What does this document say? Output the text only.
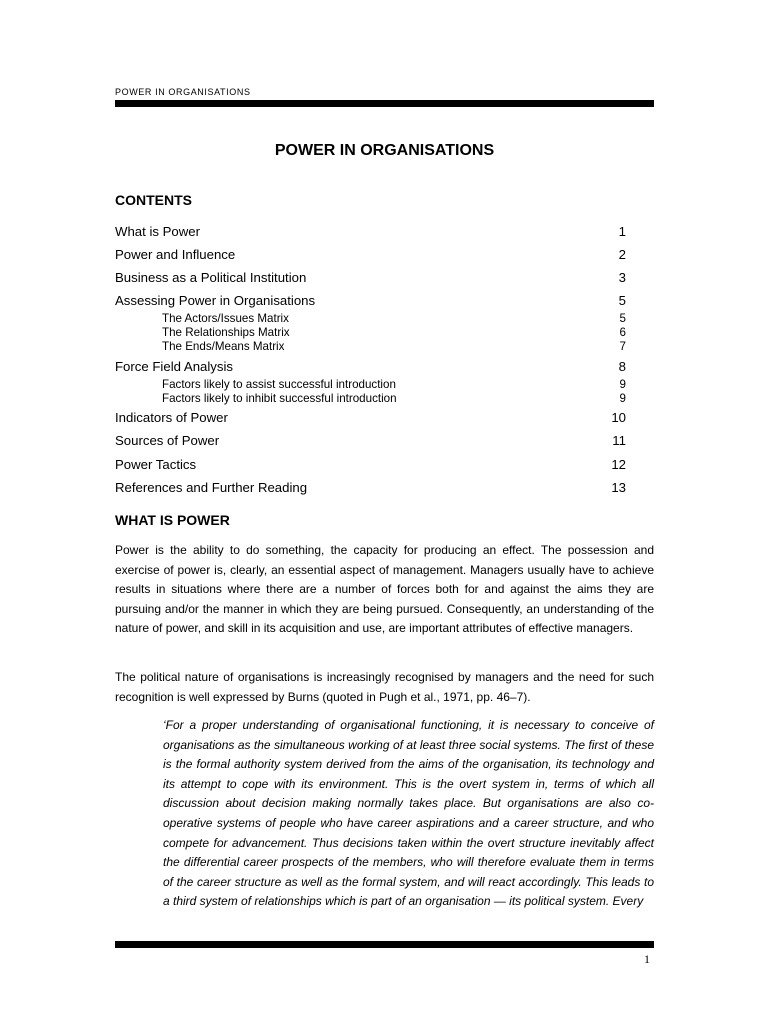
POWER IN ORGANISATIONS
POWER IN ORGANISATIONS
CONTENTS
What is Power	1
Power and Influence	2
Business as a Political Institution	3
Assessing Power in Organisations	5
The Actors/Issues Matrix	5
The Relationships Matrix	6
The Ends/Means Matrix	7
Force Field Analysis	8
Factors likely to assist successful introduction	9
Factors likely to inhibit successful introduction	9
Indicators of Power	10
Sources of Power	11
Power Tactics	12
References and Further Reading	13
WHAT IS POWER

Power is the ability to do something, the capacity for producing an effect. The possession and exercise of power is, clearly, an essential aspect of management. Managers usually have to achieve results in situations where there are a number of forces both for and against the aims they are pursuing and/or the manner in which they are being pursued. Consequently, an understanding of the nature of power, and skill in its acquisition and use, are important attributes of effective managers.

The political nature of organisations is increasingly recognised by managers and the need for such recognition is well expressed by Burns (quoted in Pugh et al., 1971, pp. 46–7).

‘For a proper understanding of organisational functioning, it is necessary to conceive of organisations as the simultaneous working of at least three social systems. The first of these is the formal authority system derived from the aims of the organisation, its technology and its attempt to cope with its environment. This is the overt system in, terms of which all discussion about decision making normally takes place. But organisations are also co-operative systems of people who have career aspirations and a career structure, and who compete for advancement. Thus decisions taken within the overt structure inevitably affect the differential career prospects of the members, who will therefore evaluate them in terms of the career structure as well as the formal system, and will react accordingly. This leads to a third system of relationships which is part of an organisation — its political system. Every

1
